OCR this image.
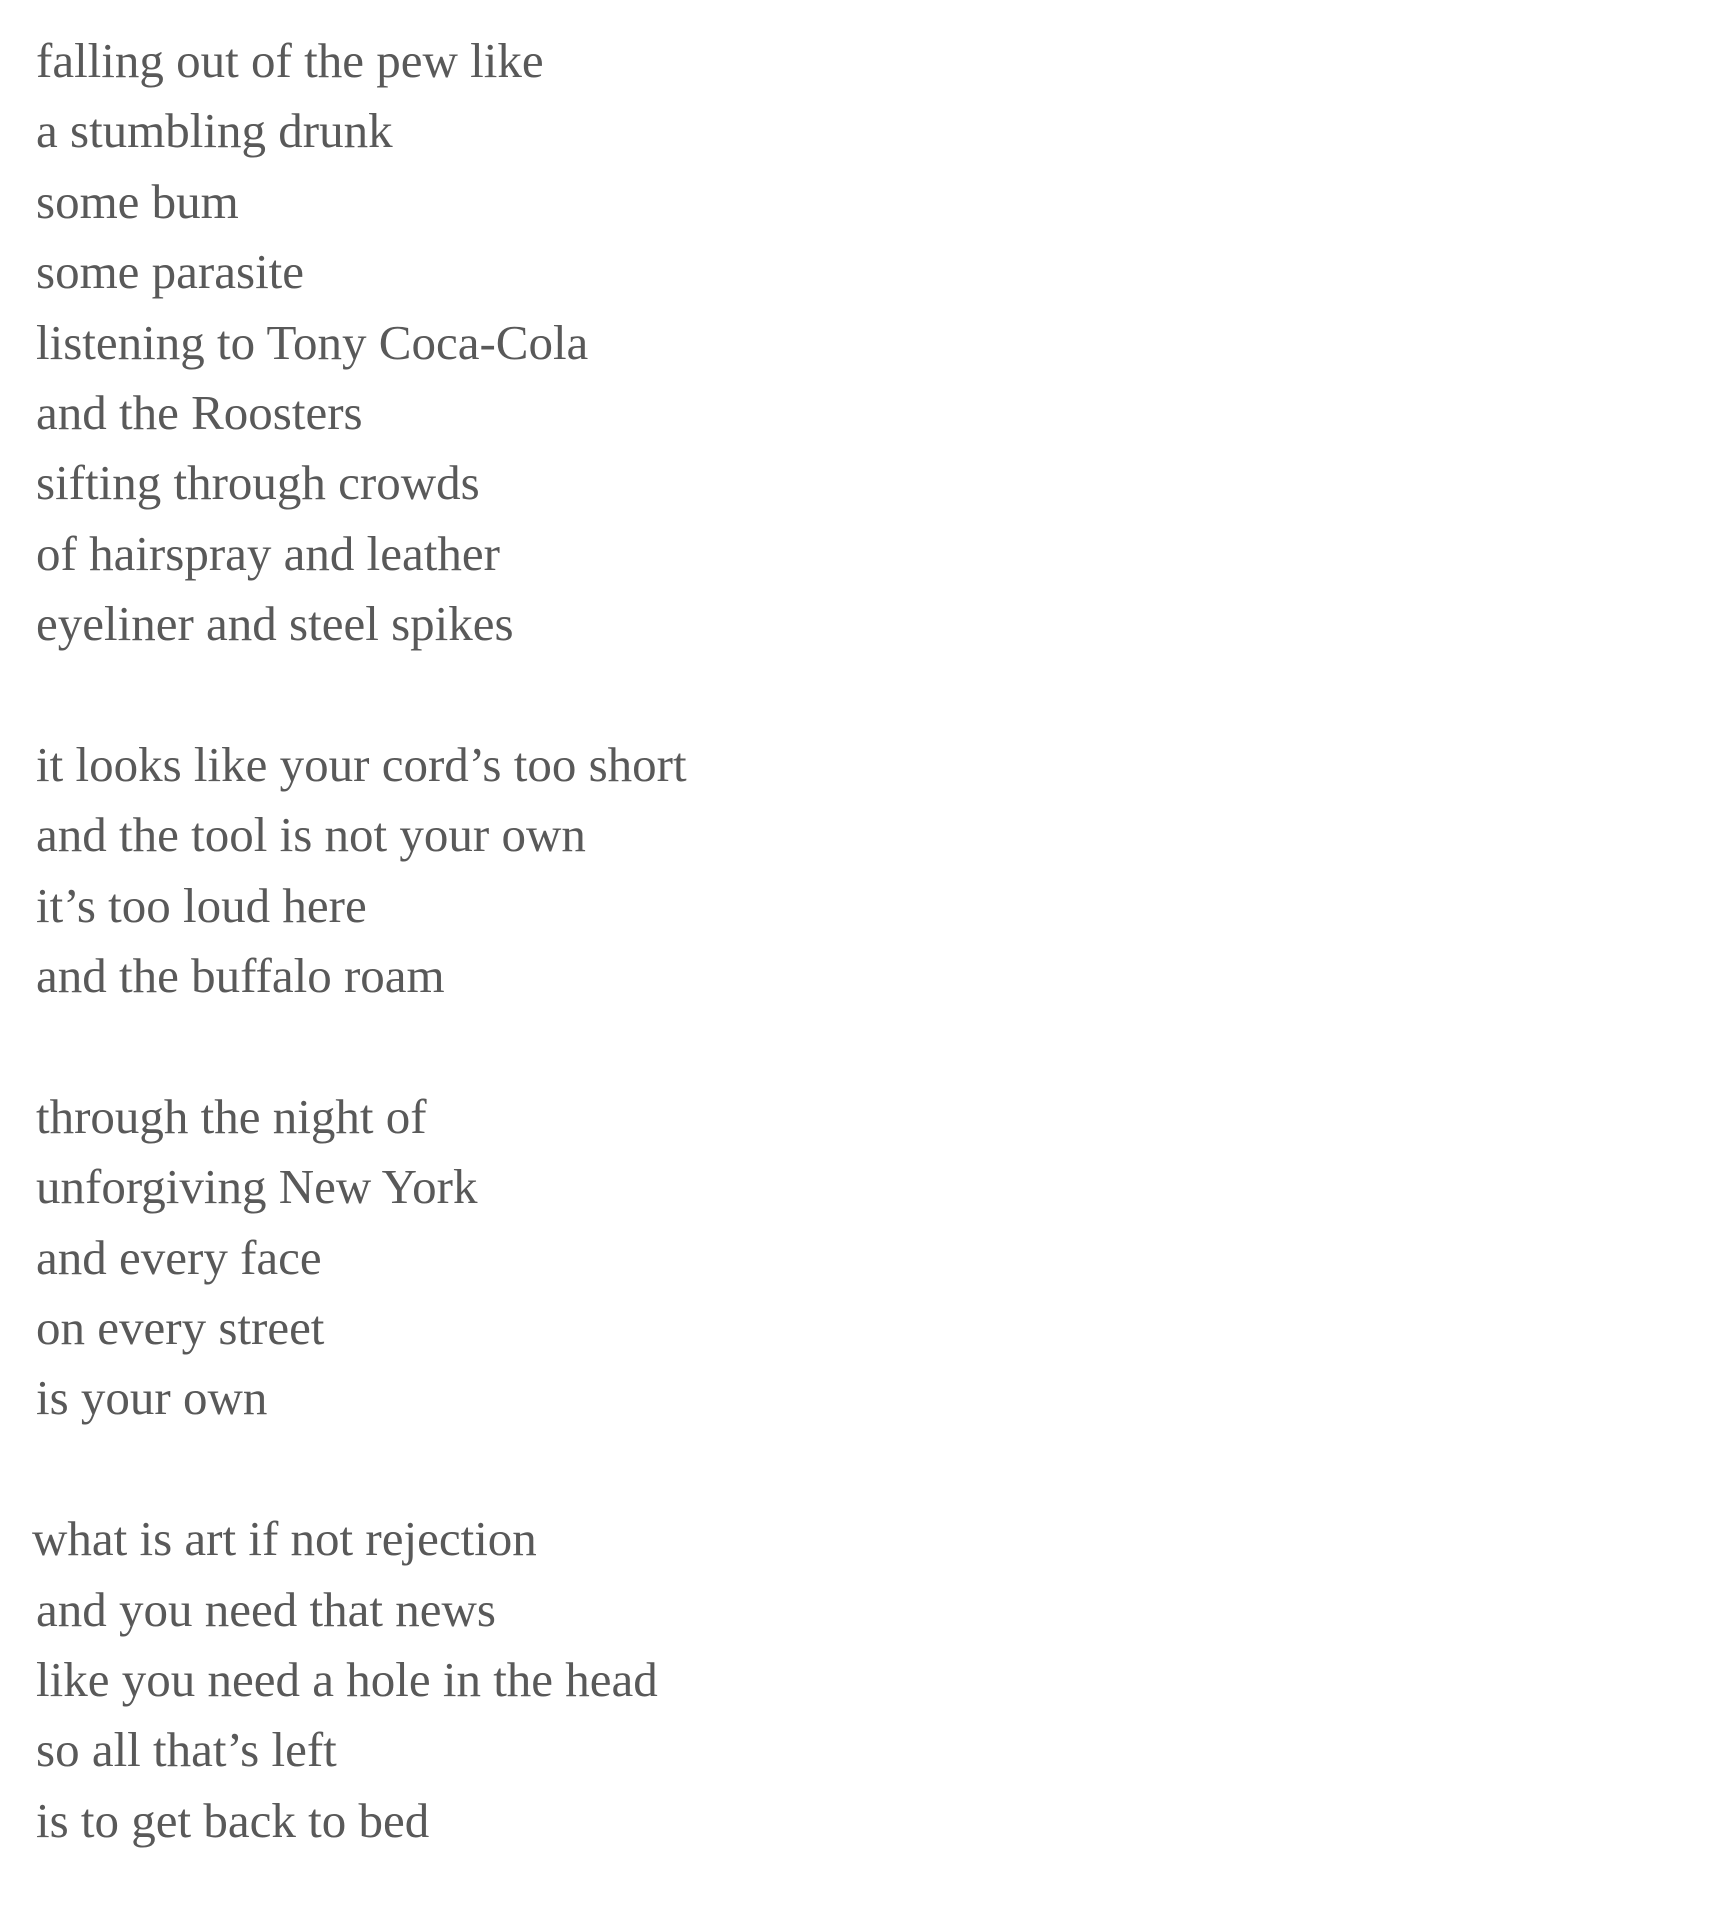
falling out of the pew like
a stumbling drunk
some bum
some parasite
listening to Tony Coca-Cola
and the Roosters
sifting through crowds
of hairspray and leather
eyeliner and steel spikes
it looks like your cord’s too short
and the tool is not your own
it’s too loud here
and the buffalo roam
through the night of
unforgiving New York
and every face
on every street
is your own
what is art if not rejection
and you need that news
like you need a hole in the head
so all that’s left
is to get back to bed
